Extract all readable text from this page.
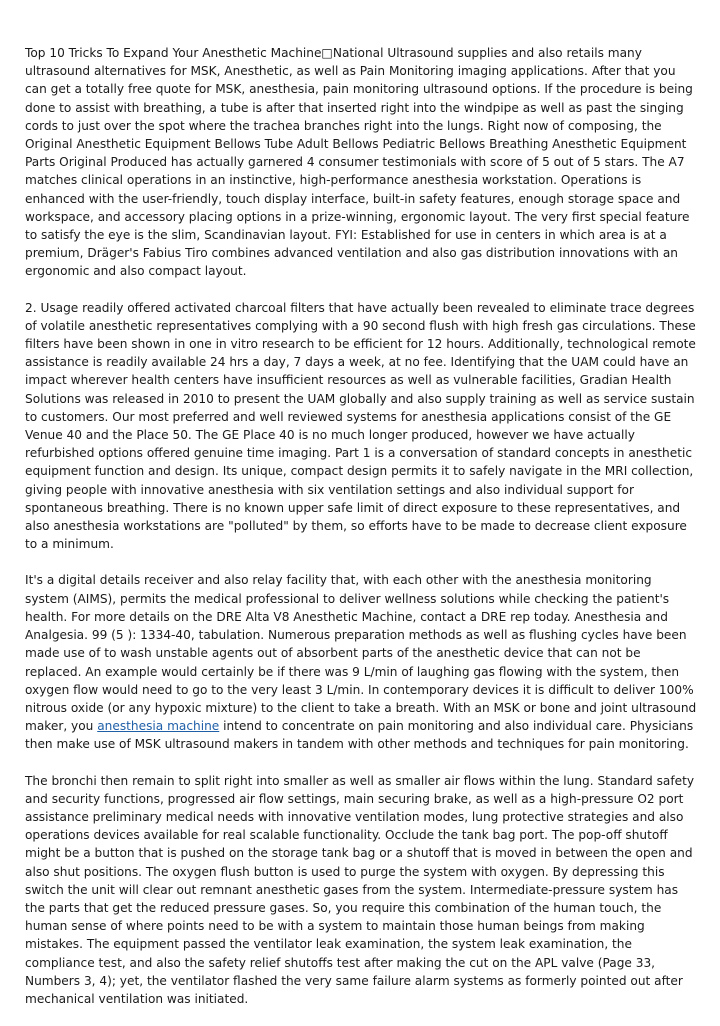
Top 10 Tricks To Expand Your Anesthetic Machine□National Ultrasound supplies and also retails many ultrasound alternatives for MSK, Anesthetic, as well as Pain Monitoring imaging applications. After that you can get a totally free quote for MSK, anesthesia, pain monitoring ultrasound options. If the procedure is being done to assist with breathing, a tube is after that inserted right into the windpipe as well as past the singing cords to just over the spot where the trachea branches right into the lungs. Right now of composing, the Original Anesthetic Equipment Bellows Tube Adult Bellows Pediatric Bellows Breathing Anesthetic Equipment Parts Original Produced has actually garnered 4 consumer testimonials with score of 5 out of 5 stars. The A7 matches clinical operations in an instinctive, high-performance anesthesia workstation. Operations is enhanced with the user-friendly, touch display interface, built-in safety features, enough storage space and workspace, and accessory placing options in a prize-winning, ergonomic layout. The very first special feature to satisfy the eye is the slim, Scandinavian layout. FYI: Established for use in centers in which area is at a premium, Dräger's Fabius Tiro combines advanced ventilation and also gas distribution innovations with an ergonomic and also compact layout.

2. Usage readily offered activated charcoal filters that have actually been revealed to eliminate trace degrees of volatile anesthetic representatives complying with a 90 second flush with high fresh gas circulations. These filters have been shown in one in vitro research to be efficient for 12 hours. Additionally, technological remote assistance is readily available 24 hrs a day, 7 days a week, at no fee. Identifying that the UAM could have an impact wherever health centers have insufficient resources as well as vulnerable facilities, Gradian Health Solutions was released in 2010 to present the UAM globally and also supply training as well as service sustain to customers. Our most preferred and well reviewed systems for anesthesia applications consist of the GE Venue 40 and the Place 50. The GE Place 40 is no much longer produced, however we have actually refurbished options offered genuine time imaging. Part 1 is a conversation of standard concepts in anesthetic equipment function and design. Its unique, compact design permits it to safely navigate in the MRI collection, giving people with innovative anesthesia with six ventilation settings and also individual support for spontaneous breathing. There is no known upper safe limit of direct exposure to these representatives, and also anesthesia workstations are "polluted" by them, so efforts have to be made to decrease client exposure to a minimum.

It's a digital details receiver and also relay facility that, with each other with the anesthesia monitoring system (AIMS), permits the medical professional to deliver wellness solutions while checking the patient's health. For more details on the DRE Alta V8 Anesthetic Machine, contact a DRE rep today. Anesthesia and Analgesia. 99 (5 ): 1334-40, tabulation. Numerous preparation methods as well as flushing cycles have been made use of to wash unstable agents out of absorbent parts of the anesthetic device that can not be replaced. An example would certainly be if there was 9 L/min of laughing gas flowing with the system, then oxygen flow would need to go to the very least 3 L/min. In contemporary devices it is difficult to deliver 100% nitrous oxide (or any hypoxic mixture) to the client to take a breath. With an MSK or bone and joint ultrasound maker, you anesthesia machine intend to concentrate on pain monitoring and also individual care. Physicians then make use of MSK ultrasound makers in tandem with other methods and techniques for pain monitoring.

The bronchi then remain to split right into smaller as well as smaller air flows within the lung. Standard safety and security functions, progressed air flow settings, main securing brake, as well as a high-pressure O2 port assistance preliminary medical needs with innovative ventilation modes, lung protective strategies and also operations devices available for real scalable functionality. Occlude the tank bag port. The pop-off shutoff might be a button that is pushed on the storage tank bag or a shutoff that is moved in between the open and also shut positions. The oxygen flush button is used to purge the system with oxygen. By depressing this switch the unit will clear out remnant anesthetic gases from the system. Intermediate-pressure system has the parts that get the reduced pressure gases. So, you require this combination of the human touch, the human sense of where points need to be with a system to maintain those human beings from making mistakes. The equipment passed the ventilator leak examination, the system leak examination, the compliance test, and also the safety relief shutoffs test after making the cut on the APL valve (Page 33, Numbers 3, 4); yet, the ventilator flashed the very same failure alarm systems as formerly pointed out after mechanical ventilation was initiated.
